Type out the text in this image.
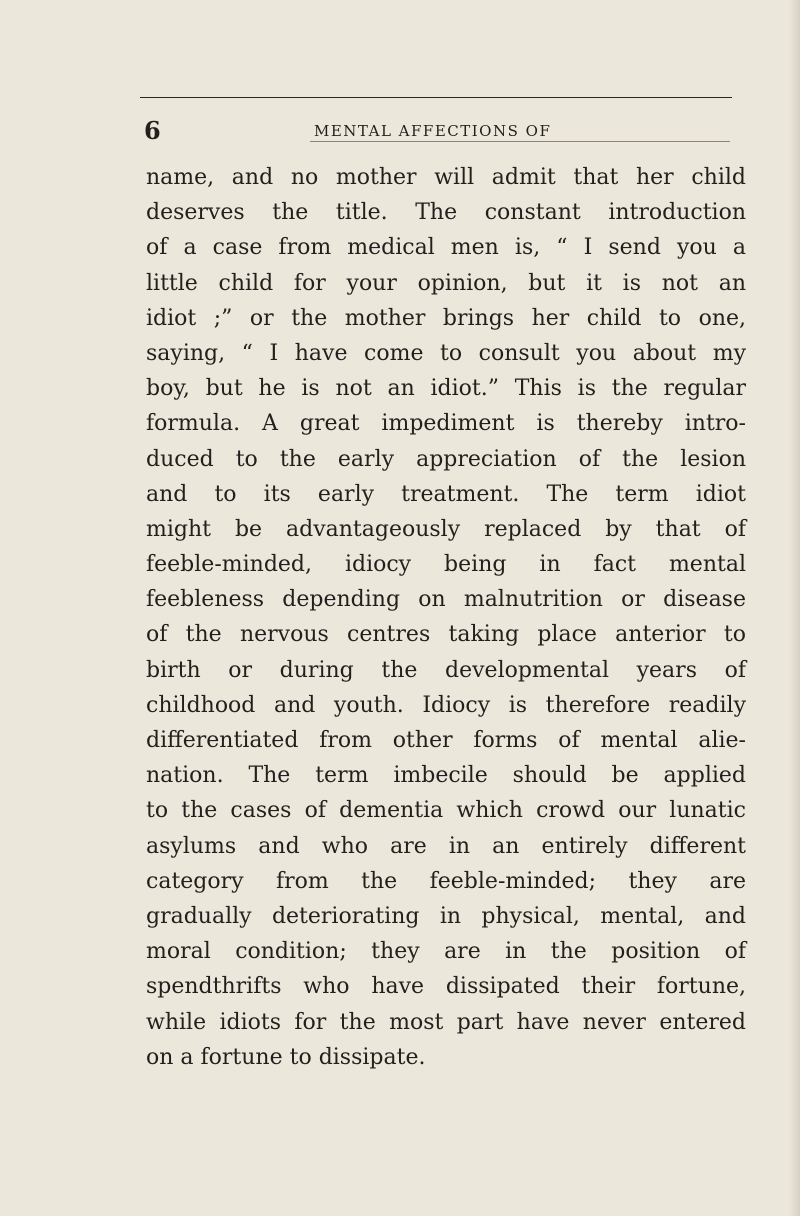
6	MENTAL AFFECTIONS OF
name, and no mother will admit that her child
deserves the title. The constant introduction
of a case from medical men is, “ I send you a
little child for your opinion, but it is not an
idiot ;” or the mother brings her child to one,
saying, “ I have come to consult you about my
boy, but he is not an idiot.” This is the regular
formula. A great impediment is thereby intro-
duced to the early appreciation of the lesion
and to its early treatment. The term idiot
might be advantageously replaced by that of
feeble-minded, idiocy being in fact mental
feebleness depending on malnutrition or disease
of the nervous centres taking place anterior to
birth or during the developmental years of
childhood and youth. Idiocy is therefore readily
differentiated from other forms of mental alie-
nation. The term imbecile should be applied
to the cases of dementia which crowd our lunatic
asylums and who are in an entirely different
category from the feeble-minded; they are
gradually deteriorating in physical, mental, and
moral condition; they are in the position of
spendthrifts who have dissipated their fortune,
while idiots for the most part have never entered
on a fortune to dissipate.
